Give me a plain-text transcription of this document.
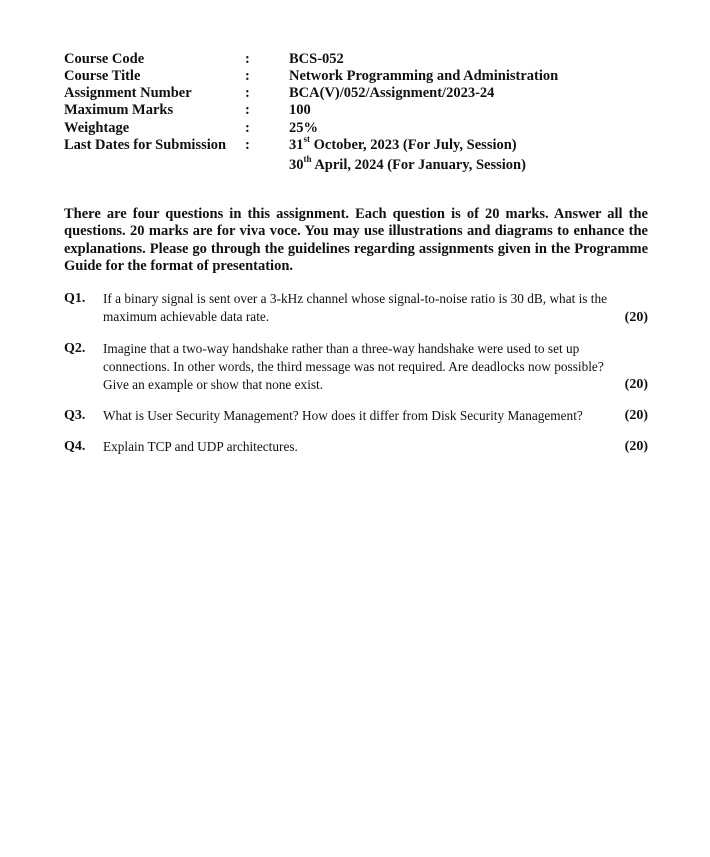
Course Code	:	BCS-052
Course Title	:	Network Programming and Administration
Assignment Number	:	BCA(V)/052/Assignment/2023-24
Maximum Marks	:	100
Weightage	:	25%
Last Dates for Submission	:	31st October, 2023 (For July, Session)
30th April, 2024 (For January, Session)
There are four questions in this assignment. Each question is of 20 marks. Answer all the questions. 20 marks are for viva voce. You may use illustrations and diagrams to enhance the explanations. Please go through the guidelines regarding assignments given in the Programme Guide for the format of presentation.
Q1. If a binary signal is sent over a 3-kHz channel whose signal-to-noise ratio is 30 dB, what is the maximum achievable data rate.	(20)
Q2. Imagine that a two-way handshake rather than a three-way handshake were used to set up connections. In other words, the third message was not required. Are deadlocks now possible? Give an example or show that none exist.	(20)
Q3. What is User Security Management? How does it differ from Disk Security Management?	(20)
Q4. Explain TCP and UDP architectures.	(20)
